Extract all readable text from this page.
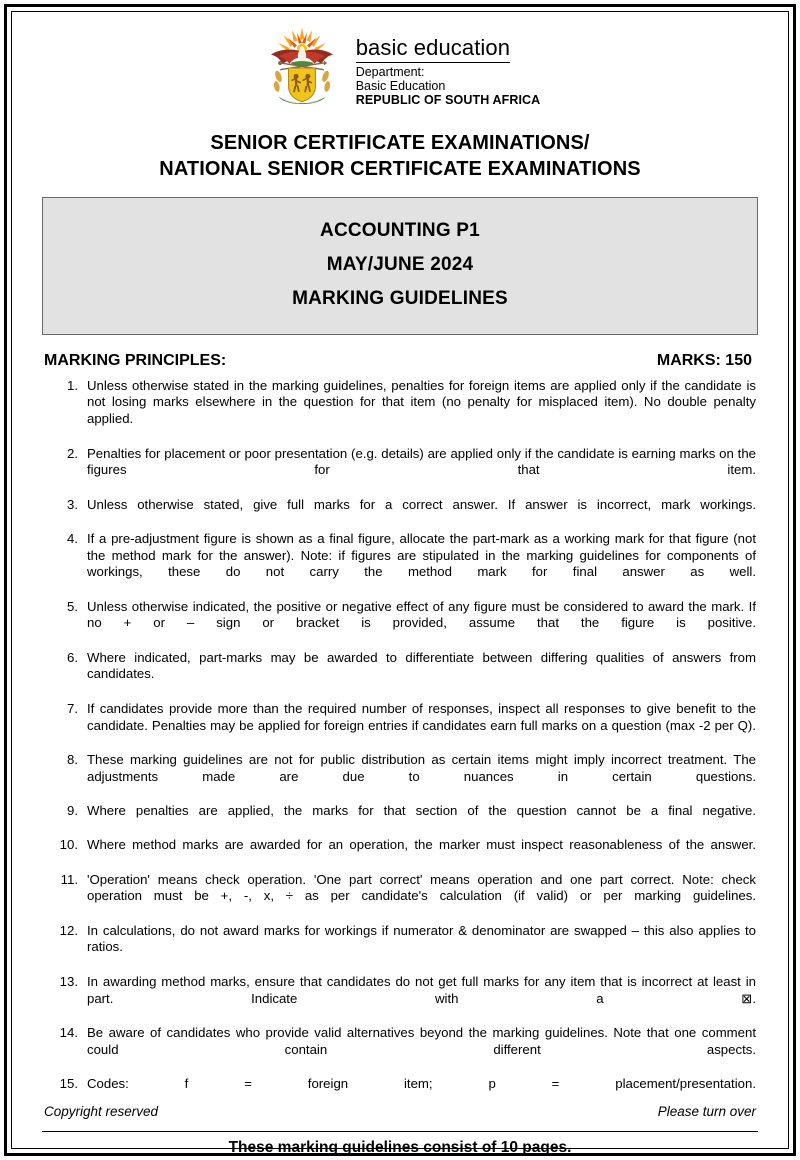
basic education
Department:
Basic Education
REPUBLIC OF SOUTH AFRICA
SENIOR CERTIFICATE EXAMINATIONS/
NATIONAL SENIOR CERTIFICATE EXAMINATIONS
ACCOUNTING P1
MAY/JUNE 2024
MARKING GUIDELINES
MARKING PRINCIPLES:	MARKS: 150
1. Unless otherwise stated in the marking guidelines, penalties for foreign items are applied only if the candidate is not losing marks elsewhere in the question for that item (no penalty for misplaced item). No double penalty applied.
2. Penalties for placement or poor presentation (e.g. details) are applied only if the candidate is earning marks on the figures for that item.
3. Unless otherwise stated, give full marks for a correct answer. If answer is incorrect, mark workings.
4. If a pre-adjustment figure is shown as a final figure, allocate the part-mark as a working mark for that figure (not the method mark for the answer). Note: if figures are stipulated in the marking guidelines for components of workings, these do not carry the method mark for final answer as well.
5. Unless otherwise indicated, the positive or negative effect of any figure must be considered to award the mark. If no + or – sign or bracket is provided, assume that the figure is positive.
6. Where indicated, part-marks may be awarded to differentiate between differing qualities of answers from candidates.
7. If candidates provide more than the required number of responses, inspect all responses to give benefit to the candidate. Penalties may be applied for foreign entries if candidates earn full marks on a question (max -2 per Q).
8. These marking guidelines are not for public distribution as certain items might imply incorrect treatment. The adjustments made are due to nuances in certain questions.
9. Where penalties are applied, the marks for that section of the question cannot be a final negative.
10. Where method marks are awarded for an operation, the marker must inspect reasonableness of the answer.
11. 'Operation' means check operation. 'One part correct' means operation and one part correct. Note: check operation must be +, -, x, ÷ as per candidate's calculation (if valid) or per marking guidelines.
12. In calculations, do not award marks for workings if numerator & denominator are swapped – this also applies to ratios.
13. In awarding method marks, ensure that candidates do not get full marks for any item that is incorrect at least in part. Indicate with a ⊠.
14. Be aware of candidates who provide valid alternatives beyond the marking guidelines. Note that one comment could contain different aspects.
15. Codes: f = foreign item; p = placement/presentation.
These marking guidelines consist of 10 pages.
Copyright reserved	Please turn over
